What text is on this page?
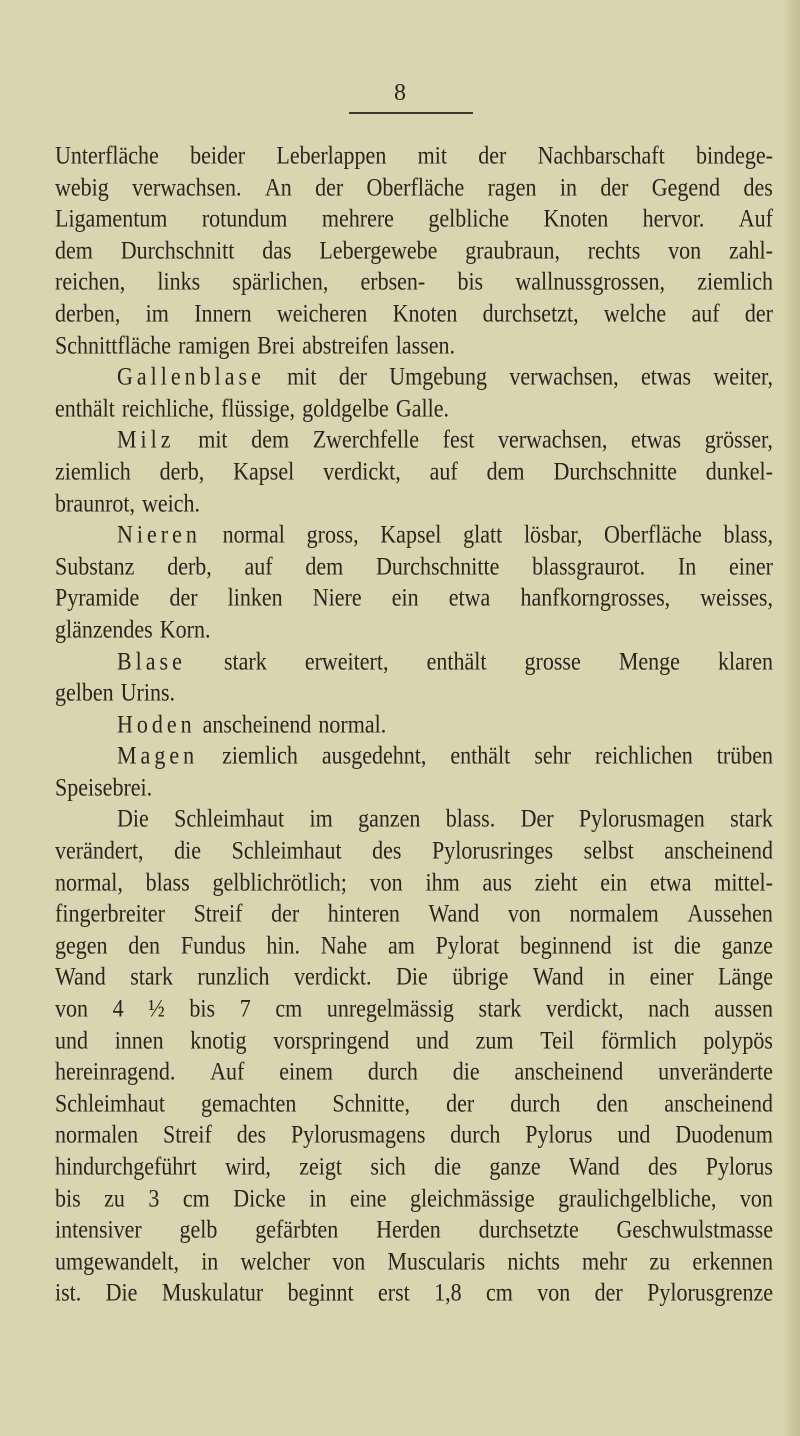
8
Unterfläche beider Leberlappen mit der Nachbarschaft bindege-
webig verwachsen. An der Oberfläche ragen in der Gegend des
Ligamentum rotundum mehrere gelbliche Knoten hervor. Auf
dem Durchschnitt das Lebergewebe graubraun, rechts von zahl-
reichen, links spärlichen, erbsen- bis wallnussgrossen, ziemlich
derben, im Innern weicheren Knoten durchsetzt, welche auf der
Schnittfläche ramigen Brei abstreifen lassen.
Gallenblase mit der Umgebung verwachsen, etwas weiter,
enthält reichliche, flüssige, goldgelbe Galle.
Milz mit dem Zwerchfelle fest verwachsen, etwas grösser,
ziemlich derb, Kapsel verdickt, auf dem Durchschnitte dunkel-
braunrot, weich.
Nieren normal gross, Kapsel glatt lösbar, Oberfläche blass,
Substanz derb, auf dem Durchschnitte blassgraurot. In einer
Pyramide der linken Niere ein etwa hanfkorngrosses, weisses,
glänzendes Korn.
Blase stark erweitert, enthält grosse Menge klaren
gelben Urins.
Hoden anscheinend normal.
Magen ziemlich ausgedehnt, enthält sehr reichlichen trüben
Speisebrei.
Die Schleimhaut im ganzen blass. Der Pylorusmagen stark
verändert, die Schleimhaut des Pylorusringes selbst anscheinend
normal, blass gelblichrötlich; von ihm aus zieht ein etwa mittel-
fingerbreiter Streif der hinteren Wand von normalem Aussehen
gegen den Fundus hin. Nahe am Pylorat beginnend ist die ganze
Wand stark runzlich verdickt. Die übrige Wand in einer Länge
von 4 ½ bis 7 cm unregelmässig stark verdickt, nach aussen
und innen knotig vorspringend und zum Teil förmlich polypös
hereinragend. Auf einem durch die anscheinend unveränderte
Schleimhaut gemachten Schnitte, der durch den anscheinend
normalen Streif des Pylorusmagens durch Pylorus und Duodenum
hindurchgeführt wird, zeigt sich die ganze Wand des Pylorus
bis zu 3 cm Dicke in eine gleichmässige graulichgelbliche, von
intensiver gelb gefärbten Herden durchsetzte Geschwulstmasse
umgewandelt, in welcher von Muscularis nichts mehr zu erkennen
ist. Die Muskulatur beginnt erst 1,8 cm von der Pylorusgrenze
